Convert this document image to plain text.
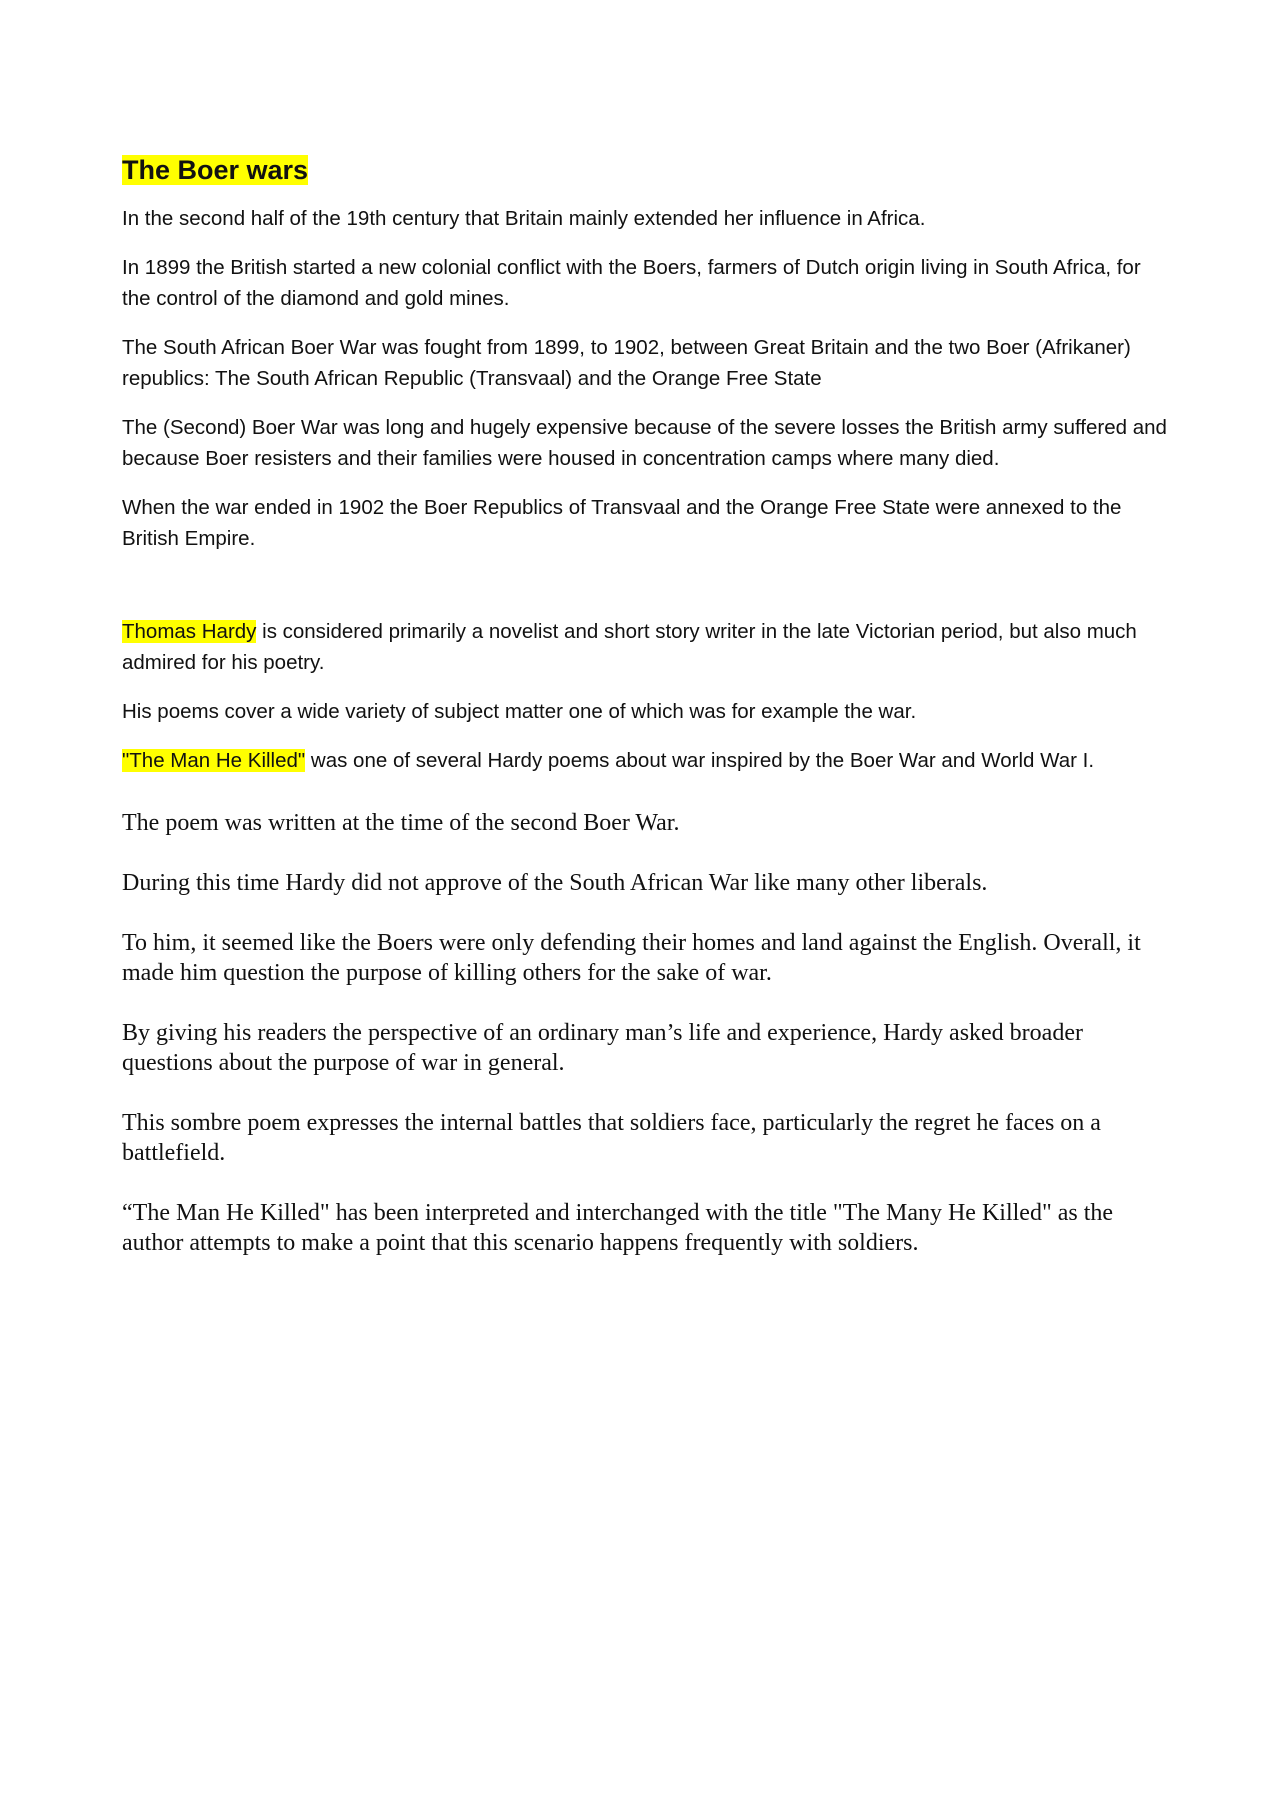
The Boer wars

In the second half of the 19th century that Britain mainly extended her influence in Africa.

In 1899 the British started a new colonial conflict with the Boers, farmers of Dutch origin living in South Africa, for the control of the diamond and gold mines.

The South African Boer War was fought from 1899, to 1902, between Great Britain and the two Boer (Afrikaner) republics: The South African Republic (Transvaal) and the Orange Free State

The (Second) Boer War was long and hugely expensive because of the severe losses the British army suffered and because Boer resisters and their families were housed in concentration camps where many died.

When the war ended in 1902 the Boer Republics of Transvaal and the Orange Free State were annexed to the British Empire.

Thomas Hardy is considered primarily a novelist and short story writer in the late Victorian period, but also much admired for his poetry.

His poems cover a wide variety of subject matter one of which was for example the war.

"The Man He Killed" was one of several Hardy poems about war inspired by the Boer War and World War I.

The poem was written at the time of the second Boer War.

During this time Hardy did not approve of the South African War like many other liberals.

To him, it seemed like the Boers were only defending their homes and land against the English. Overall, it made him question the purpose of killing others for the sake of war.

By giving his readers the perspective of an ordinary man’s life and experience, Hardy asked broader questions about the purpose of war in general.

This sombre poem expresses the internal battles that soldiers face, particularly the regret he faces on a battlefield.

“The Man He Killed" has been interpreted and interchanged with the title "The Many He Killed" as the author attempts to make a point that this scenario happens frequently with soldiers.
